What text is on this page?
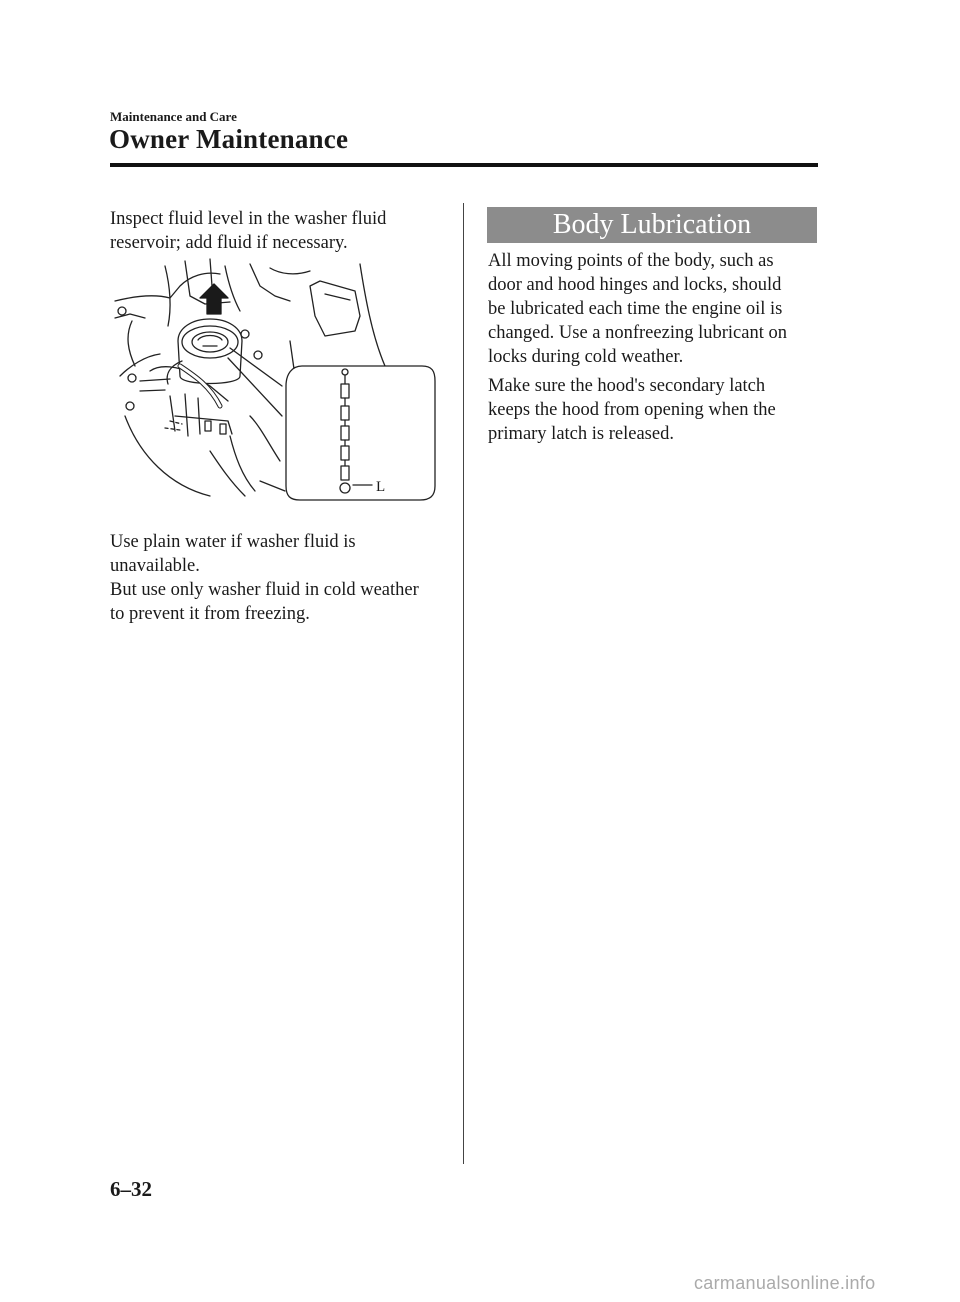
Maintenance and Care
Owner Maintenance
Inspect fluid level in the washer fluid
reservoir; add fluid if necessary.
L
Use plain water if washer fluid is
unavailable.
But use only washer fluid in cold weather
to prevent it from freezing.
Body Lubrication
All moving points of the body, such as
door and hood hinges and locks, should
be lubricated each time the engine oil is
changed. Use a nonfreezing lubricant on
locks during cold weather.
Make sure the hood's secondary latch
keeps the hood from opening when the
primary latch is released.
6–32
carmanualsonline.info
